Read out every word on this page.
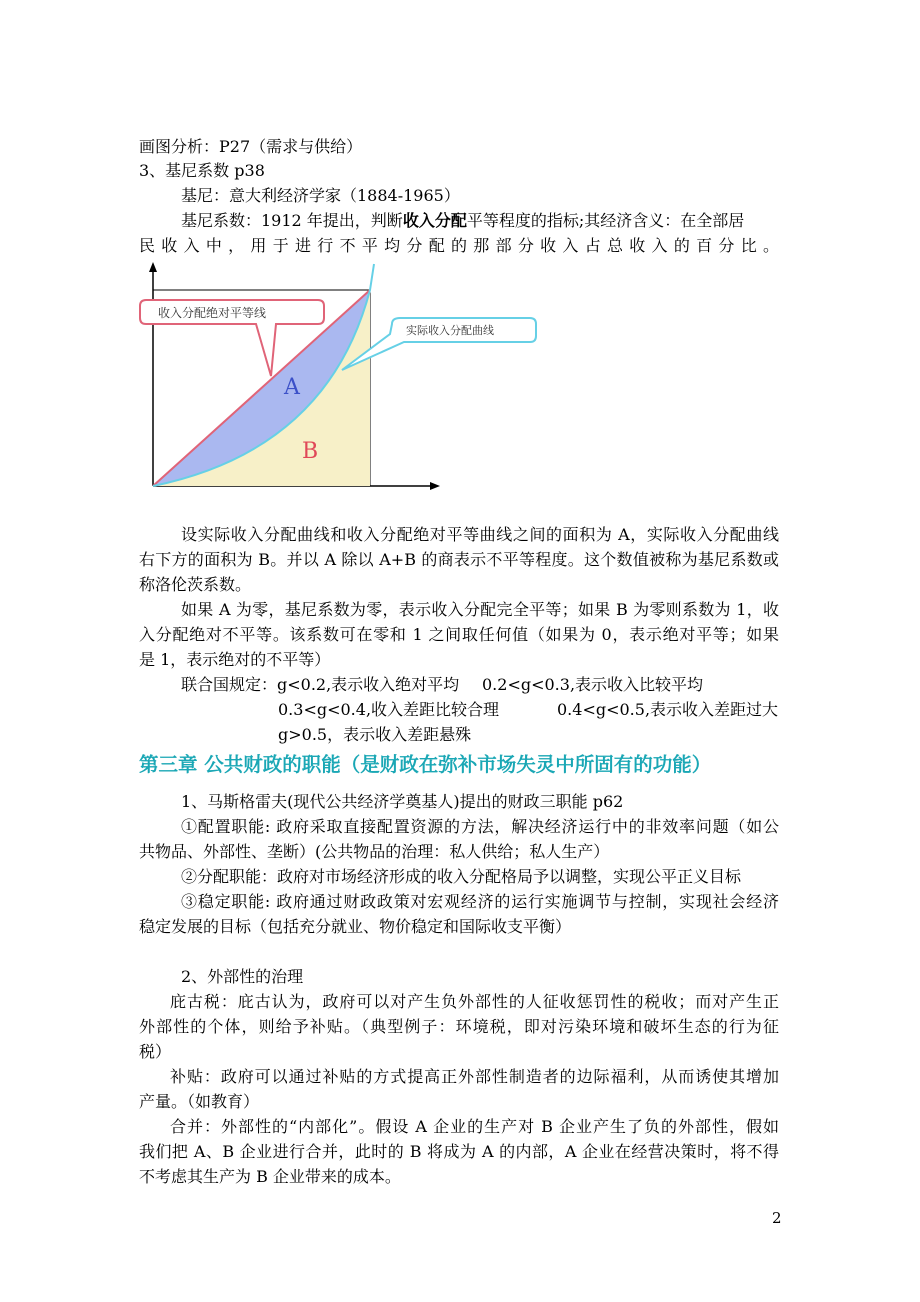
画图分析：P27（需求与供给）
3、基尼系数 p38
基尼：意大利经济学家（1884-1965）
基尼系数：1912 年提出，判断收入分配平等程度的指标;其经济含义：在全部居
民收入中，用于进行不平均分配的那部分收入占总收入的百分比。
收入分配绝对平等线
实际收入分配曲线
A
B
设实际收入分配曲线和收入分配绝对平等曲线之间的面积为 A，实际收入分配曲线
右下方的面积为 B。并以 A 除以 A+B 的商表示不平等程度。这个数值被称为基尼系数或
称洛伦茨系数。
如果 A 为零，基尼系数为零，表示收入分配完全平等；如果 B 为零则系数为 1，收
入分配绝对不平等。该系数可在零和 1 之间取任何值（如果为 0，表示绝对平等；如果
是 1，表示绝对的不平等）
联合国规定：g<0.2,表示收入绝对平均 0.2<g<0.3,表示收入比较平均
0.3<g<0.4,收入差距比较合理	0.4<g<0.5,表示收入差距过大
g>0.5，表示收入差距悬殊
第三章 公共财政的职能（是财政在弥补市场失灵中所固有的功能）
1、马斯格雷夫(现代公共经济学奠基人)提出的财政三职能 p62
①配置职能: 政府采取直接配置资源的方法，解决经济运行中的非效率问题（如公
共物品、外部性、垄断）(公共物品的治理：私人供给；私人生产）
②分配职能：政府对市场经济形成的收入分配格局予以调整，实现公平正义目标
③稳定职能: 政府通过财政政策对宏观经济的运行实施调节与控制，实现社会经济
稳定发展的目标（包括充分就业、物价稳定和国际收支平衡）
2、外部性的治理
庇古税：庇古认为，政府可以对产生负外部性的人征收惩罚性的税收；而对产生正
外部性的个体，则给予补贴。（典型例子：环境税，即对污染环境和破坏生态的行为征
税）
补贴：政府可以通过补贴的方式提高正外部性制造者的边际福利，从而诱使其增加
产量。（如教育）
合并：外部性的“内部化”。假设 A 企业的生产对 B 企业产生了负的外部性，假如
我们把 A、B 企业进行合并，此时的 B 将成为 A 的内部，A 企业在经营决策时，将不得
不考虑其生产为 B 企业带来的成本。
2
